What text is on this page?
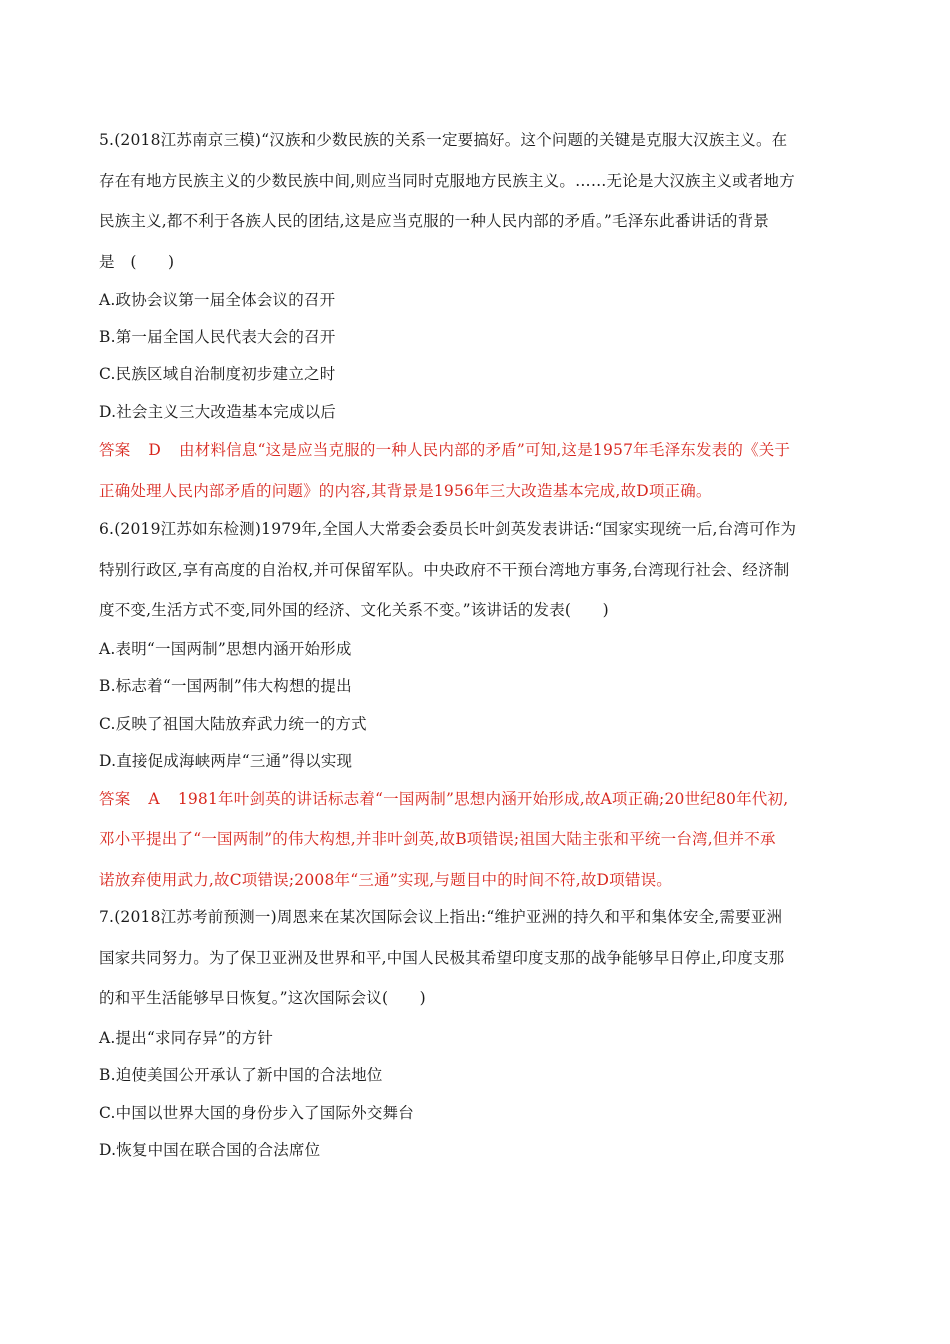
5.(2018江苏南京三模)“汉族和少数民族的关系一定要搞好。这个问题的关键是克服大汉族主义。在
存在有地方民族主义的少数民族中间,则应当同时克服地方民族主义。……无论是大汉族主义或者地方
民族主义,都不利于各族人民的团结,这是应当克服的一种人民内部的矛盾。”毛泽东此番讲话的背景
是　(　　)
A.政协会议第一届全体会议的召开
B.第一届全国人民代表大会的召开
C.民族区域自治制度初步建立之时
D.社会主义三大改造基本完成以后
答案 D 由材料信息“这是应当克服的一种人民内部的矛盾”可知,这是1957年毛泽东发表的《关于
正确处理人民内部矛盾的问题》的内容,其背景是1956年三大改造基本完成,故D项正确。
6.(2019江苏如东检测)1979年,全国人大常委会委员长叶剑英发表讲话:“国家实现统一后,台湾可作为
特别行政区,享有高度的自治权,并可保留军队。中央政府不干预台湾地方事务,台湾现行社会、经济制
度不变,生活方式不变,同外国的经济、文化关系不变。”该讲话的发表(　　)
A.表明“一国两制”思想内涵开始形成
B.标志着“一国两制”伟大构想的提出
C.反映了祖国大陆放弃武力统一的方式
D.直接促成海峡两岸“三通”得以实现
答案 A 1981年叶剑英的讲话标志着“一国两制”思想内涵开始形成,故A项正确;20世纪80年代初,
邓小平提出了“一国两制”的伟大构想,并非叶剑英,故B项错误;祖国大陆主张和平统一台湾,但并不承
诺放弃使用武力,故C项错误;2008年“三通”实现,与题目中的时间不符,故D项错误。
7.(2018江苏考前预测一)周恩来在某次国际会议上指出:“维护亚洲的持久和平和集体安全,需要亚洲
国家共同努力。为了保卫亚洲及世界和平,中国人民极其希望印度支那的战争能够早日停止,印度支那
的和平生活能够早日恢复。”这次国际会议(　　)
A.提出“求同存异”的方针
B.迫使美国公开承认了新中国的合法地位
C.中国以世界大国的身份步入了国际外交舞台
D.恢复中国在联合国的合法席位
